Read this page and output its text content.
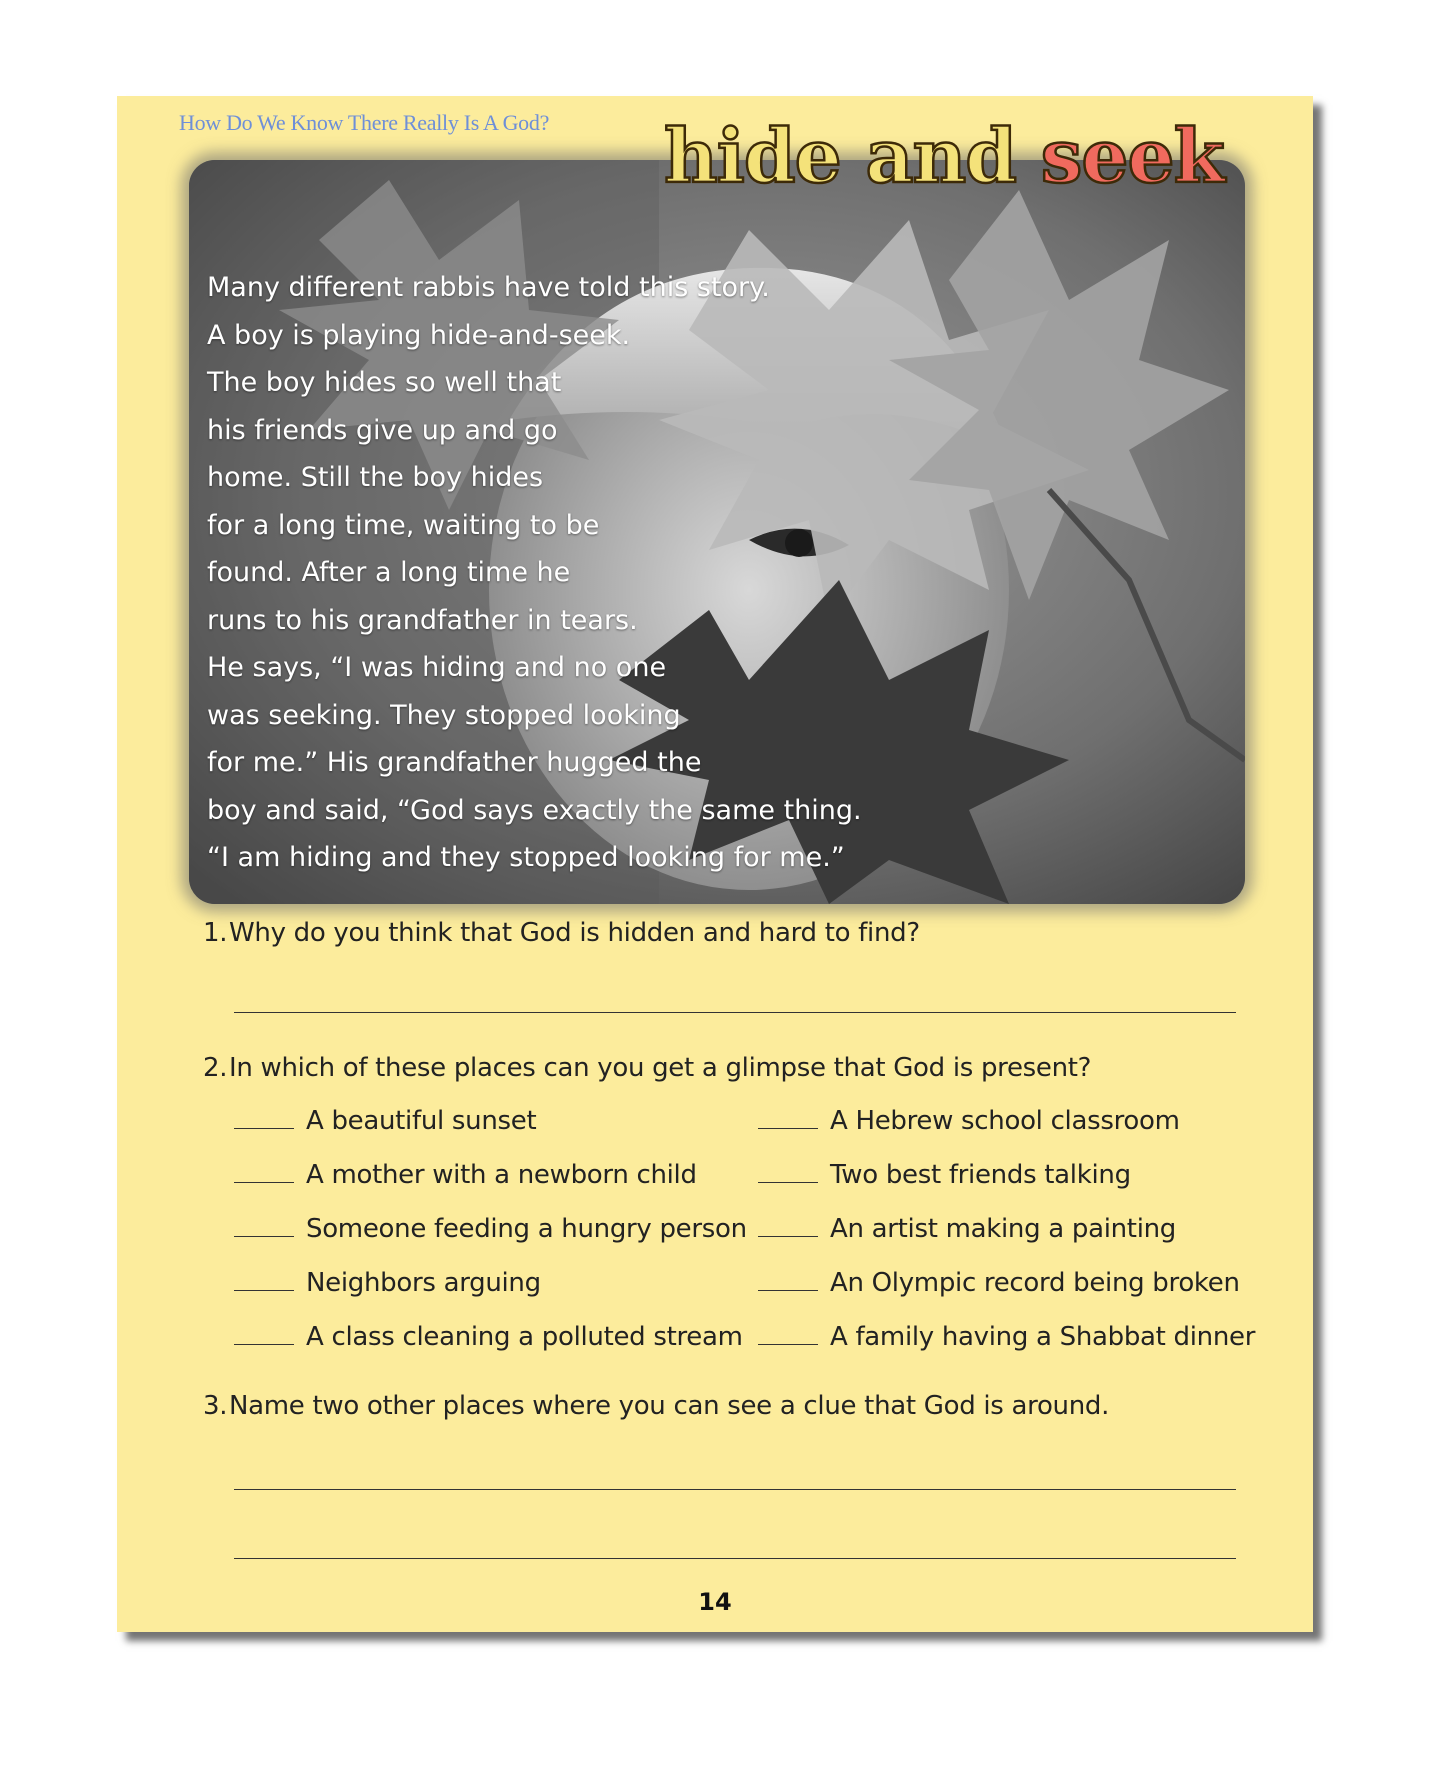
How Do We Know There Really Is A God?

Many different rabbis have told this story.
A boy is playing hide-and-seek.
The boy hides so well that
his friends give up and go
home. Still the boy hides
for a long time, waiting to be
found. After a long time he
runs to his grandfather in tears.
He says, “I was hiding and no one
was seeking. They stopped looking
for me.” His grandfather hugged the
boy and said, “God says exactly the same thing.
“I am hiding and they stopped looking for me.”

hide and seek
1.Why do you think that God is hidden and hard to find?
2.In which of these places can you get a glimpse that God is present?
A beautiful sunset
A mother with a newborn child
Someone feeding a hungry person
Neighbors arguing
A class cleaning a polluted stream
A Hebrew school classroom
Two best friends talking
An artist making a painting
An Olympic record being broken
A family having a Shabbat dinner
3.Name two other places where you can see a clue that God is around.
14
